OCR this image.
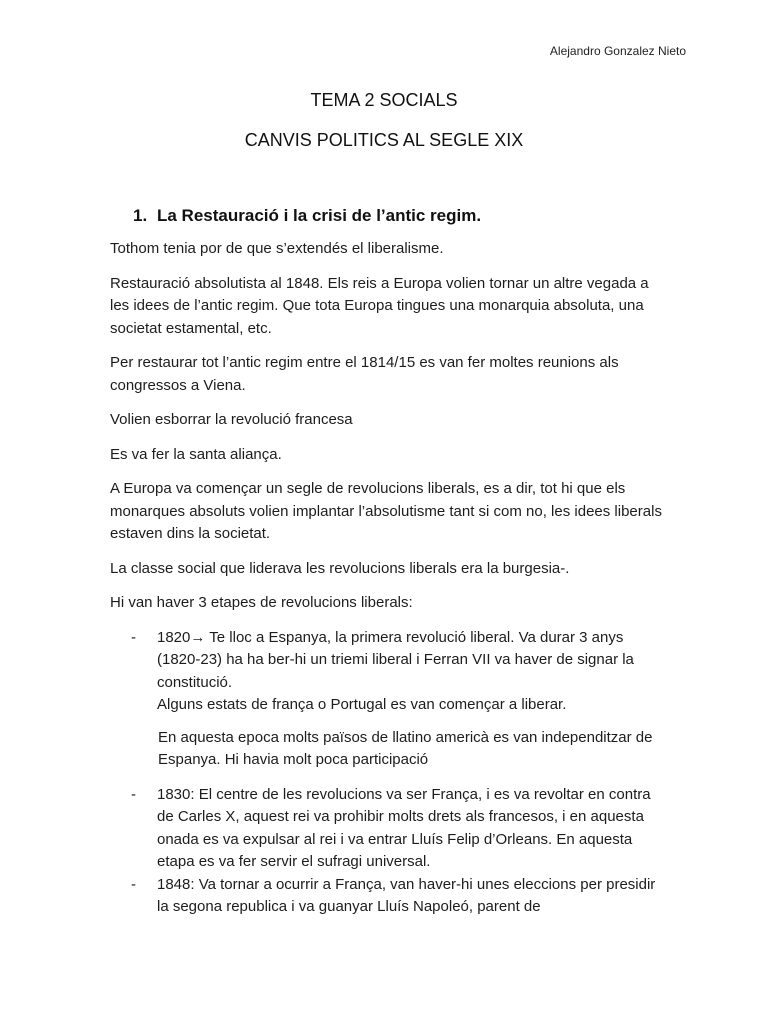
Alejandro Gonzalez Nieto
TEMA 2 SOCIALS
CANVIS POLITICS AL SEGLE XIX
1. La Restauració i la crisi de l’antic regim.

Tothom tenia por de que s’extendés el liberalisme.

Restauració absolutista al 1848. Els reis a Europa volien tornar un altre vegada a les idees de l’antic regim. Que tota Europa tingues una monarquia absoluta, una societat estamental, etc.

Per restaurar tot l’antic regim entre el 1814/15 es van fer moltes reunions als congressos a Viena.

Volien esborrar la revolució francesa

Es va fer la santa aliança.

A Europa va començar un segle de revolucions liberals, es a dir, tot hi que els monarques absoluts volien implantar l’absolutisme tant si com no, les idees liberals estaven dins la societat.

La classe social que liderava les revolucions liberals era la burgesia-.

Hi van haver 3 etapes de revolucions liberals:

- 1820→ Te lloc a Espanya, la primera revolució liberal. Va durar 3 anys (1820-23) ha ha ber-hi un triemi liberal i Ferran VII va haver de signar la constitució.
Alguns estats de frança o Portugal es van començar a liberar.

En aquesta epoca molts països de llatino americà es van independitzar de Espanya. Hi havia molt poca participació

- 1830: El centre de les revolucions va ser França, i es va revoltar en contra de Carles X, aquest rei va prohibir molts drets als francesos, i en aquesta onada es va expulsar al rei i va entrar Lluís Felip d’Orleans. En aquesta etapa es va fer servir el sufragi universal.

- 1848: Va tornar a ocurrir a França, van haver-hi unes eleccions per presidir la segona republica i va guanyar Lluís Napoleó, parent de
